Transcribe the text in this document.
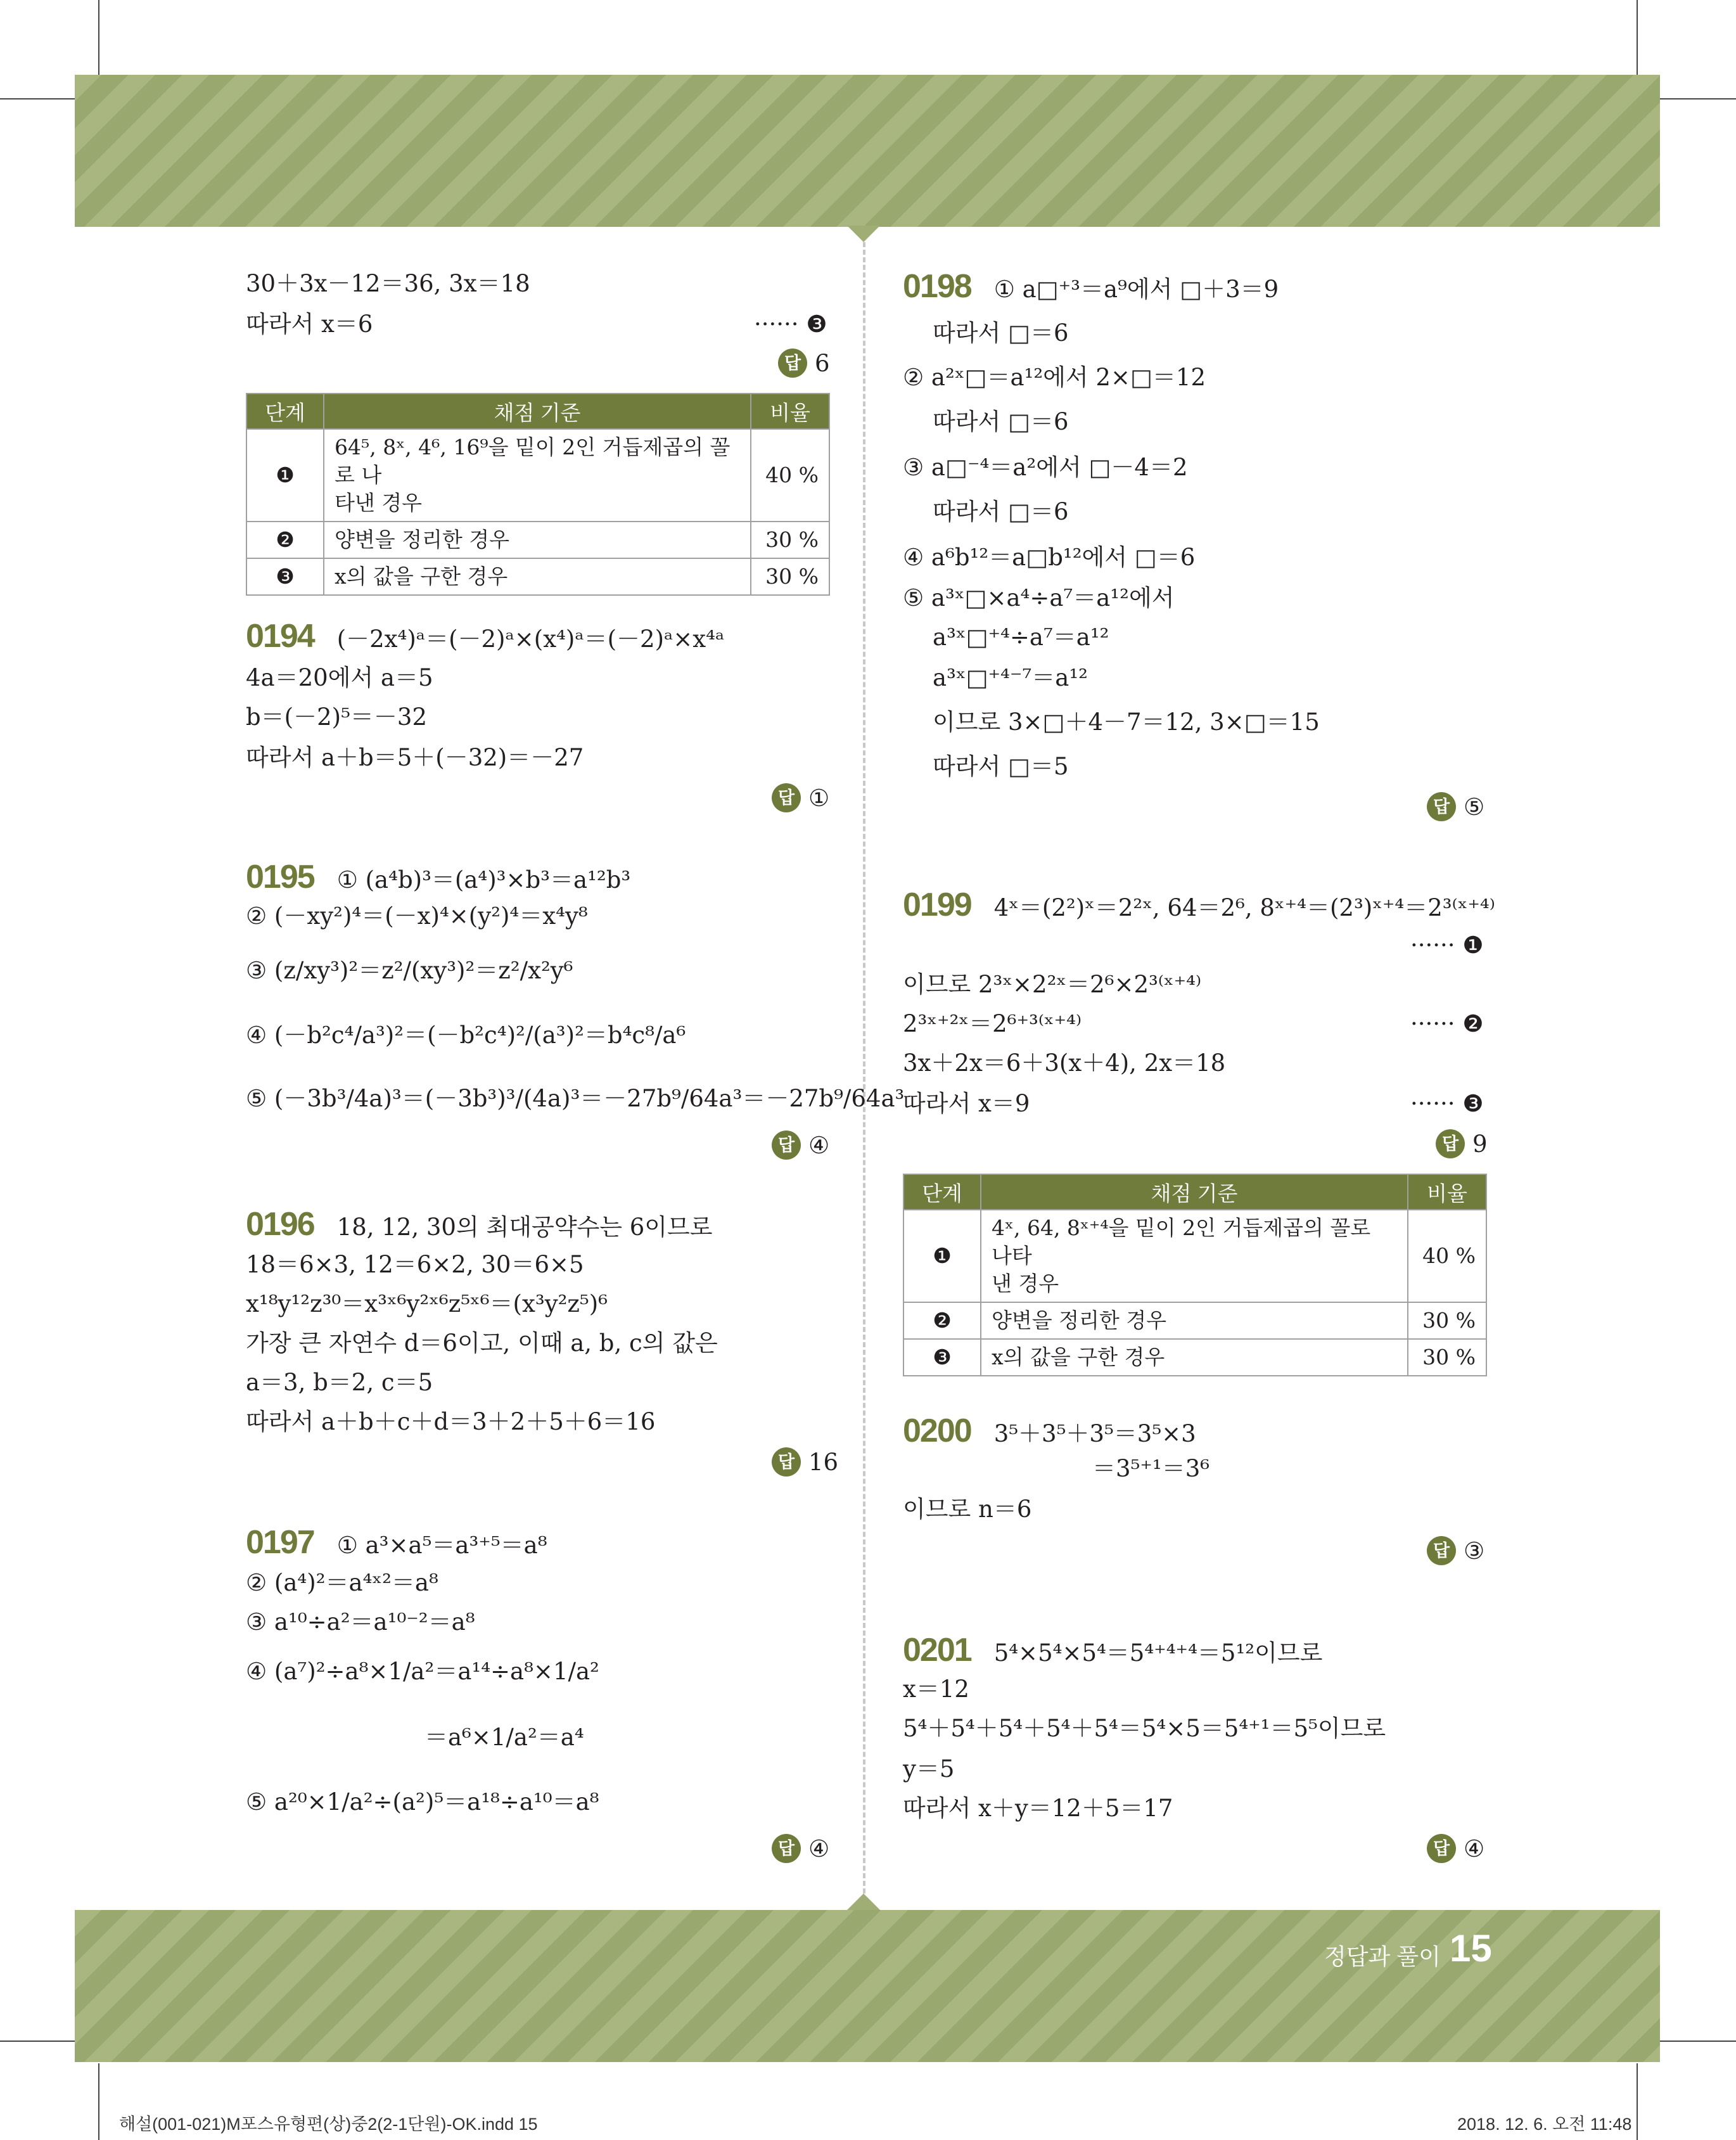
30＋3x－12＝36, 3x＝18
따라서 x＝6	······ ❸
답 6
단계	채점 기준	비율
❶	64⁵, 8ˣ, 4⁶, 16⁹을 밑이 2인 거듭제곱의 꼴로 나
타낸 경우	40 %
❷	양변을 정리한 경우	30 %
❸	x의 값을 구한 경우	30 %
0194 (－2x⁴)ᵃ＝(－2)ᵃ×(x⁴)ᵃ＝(－2)ᵃ×x⁴ᵃ
4a＝20에서 a＝5
b＝(－2)⁵＝－32
따라서 a＋b＝5＋(－32)＝－27
답 ①
0195 ① (a⁴b)³＝(a⁴)³×b³＝a¹²b³
② (－xy²)⁴＝(－x)⁴×(y²)⁴＝x⁴y⁸
③ (z/xy³)²＝z²/(xy³)²＝z²/x²y⁶
④ (－b²c⁴/a³)²＝(－b²c⁴)²/(a³)²＝b⁴c⁸/a⁶
⑤ (－3b³/4a)³＝(－3b³)³/(4a)³＝－27b⁹/64a³＝－27b⁹/64a³
답 ④
0196 18, 12, 30의 최대공약수는 6이므로
18＝6×3, 12＝6×2, 30＝6×5
x¹⁸y¹²z³⁰＝x³ˣ⁶y²ˣ⁶z⁵ˣ⁶＝(x³y²z⁵)⁶
가장 큰 자연수 d＝6이고, 이때 a, b, c의 값은
a＝3, b＝2, c＝5
따라서 a＋b＋c＋d＝3＋2＋5＋6＝16
답 16
0197 ① a³×a⁵＝a³⁺⁵＝a⁸
② (a⁴)²＝a⁴ˣ²＝a⁸
③ a¹⁰÷a²＝a¹⁰⁻²＝a⁸
④ (a⁷)²÷a⁸×1/a²＝a¹⁴÷a⁸×1/a²
＝a⁶×1/a²＝a⁴
⑤ a²⁰×1/a²÷(a²)⁵＝a¹⁸÷a¹⁰＝a⁸
답 ④
0198 ① a□⁺³＝a⁹에서 □＋3＝9
따라서 □＝6
② a²ˣ□＝a¹²에서 2×□＝12
따라서 □＝6
③ a□⁻⁴＝a²에서 □－4＝2
따라서 □＝6
④ a⁶b¹²＝a□b¹²에서 □＝6
⑤ a³ˣ□×a⁴÷a⁷＝a¹²에서
a³ˣ□⁺⁴÷a⁷＝a¹²
a³ˣ□⁺⁴⁻⁷＝a¹²
이므로 3×□＋4－7＝12, 3×□＝15
따라서 □＝5
답 ⑤
0199 4ˣ＝(2²)ˣ＝2²ˣ, 64＝2⁶, 8ˣ⁺⁴＝(2³)ˣ⁺⁴＝2³⁽ˣ⁺⁴⁾
······ ❶
이므로 2³ˣ×2²ˣ＝2⁶×2³⁽ˣ⁺⁴⁾
2³ˣ⁺²ˣ＝2⁶⁺³⁽ˣ⁺⁴⁾	······ ❷
3x＋2x＝6＋3(x＋4), 2x＝18
따라서 x＝9	······ ❸
답 9
단계	채점 기준	비율
❶	4ˣ, 64, 8ˣ⁺⁴을 밑이 2인 거듭제곱의 꼴로 나타
낸 경우	40 %
❷	양변을 정리한 경우	30 %
❸	x의 값을 구한 경우	30 %
0200 3⁵＋3⁵＋3⁵＝3⁵×3
＝3⁵⁺¹＝3⁶
이므로 n＝6
답 ③
0201 5⁴×5⁴×5⁴＝5⁴⁺⁴⁺⁴＝5¹²이므로
x＝12
5⁴＋5⁴＋5⁴＋5⁴＋5⁴＝5⁴×5＝5⁴⁺¹＝5⁵이므로
y＝5
따라서 x＋y＝12＋5＝17
답 ④
정답과 풀이 15
해설(001-021)M포스유형편(상)중2(2-1단원)-OK.indd 15	2018. 12. 6. 오전 11:48
